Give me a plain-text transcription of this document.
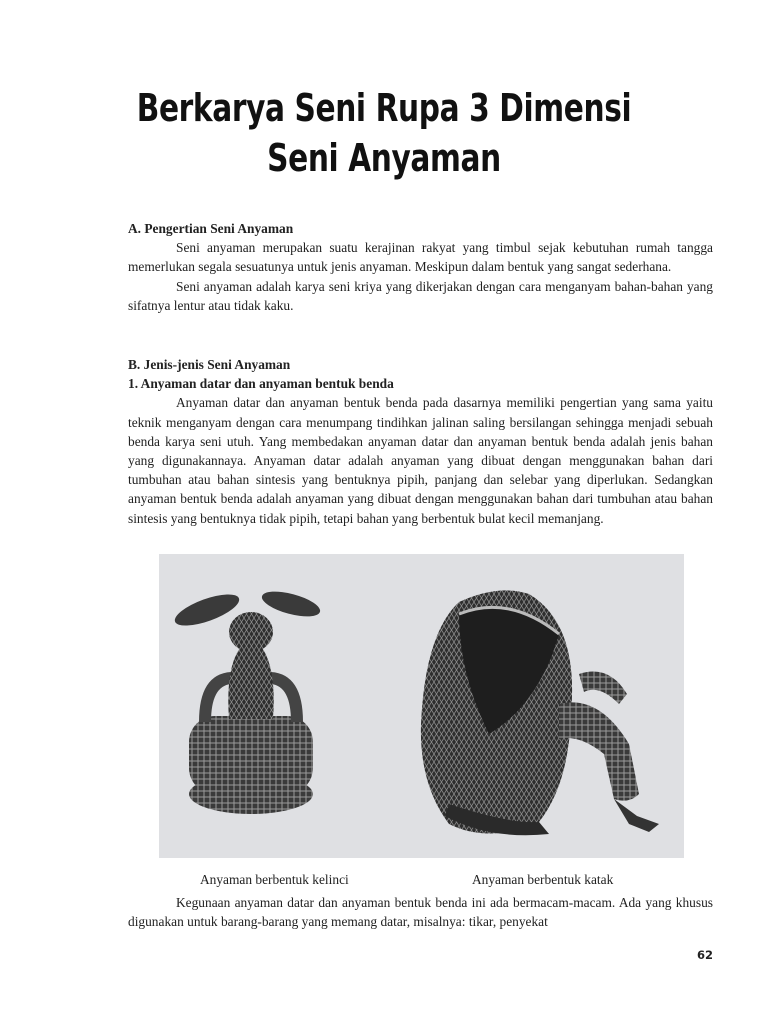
Berkarya Seni Rupa 3 Dimensi
Seni Anyaman
A. Pengertian Seni Anyaman
Seni anyaman merupakan suatu kerajinan rakyat yang timbul sejak kebutuhan rumah tangga memerlukan segala sesuatunya untuk jenis anyaman. Meskipun dalam bentuk yang sangat sederhana.
Seni anyaman adalah karya seni kriya yang dikerjakan dengan cara menganyam bahan-bahan yang sifatnya lentur atau tidak kaku.
B. Jenis-jenis Seni Anyaman
1. Anyaman datar dan anyaman bentuk benda
Anyaman datar dan anyaman bentuk benda pada dasarnya memiliki pengertian yang sama yaitu teknik menganyam dengan cara menumpang tindihkan jalinan saling bersilangan sehingga menjadi sebuah benda karya seni utuh. Yang membedakan anyaman datar dan anyaman bentuk benda adalah jenis bahan yang digunakannaya. Anyaman datar adalah anyaman yang dibuat dengan menggunakan bahan dari tumbuhan atau bahan sintesis yang bentuknya pipih, panjang dan selebar yang diperlukan. Sedangkan anyaman bentuk benda adalah anyaman yang dibuat dengan menggunakan bahan dari tumbuhan atau bahan sintesis yang bentuknya tidak pipih, tetapi bahan yang berbentuk bulat kecil memanjang.
Anyaman berbentuk kelinci	Anyaman berbentuk katak
Kegunaan anyaman datar dan anyaman bentuk benda ini ada bermacam-macam. Ada yang khusus digunakan untuk barang-barang yang memang datar, misalnya: tikar, penyekat
62
